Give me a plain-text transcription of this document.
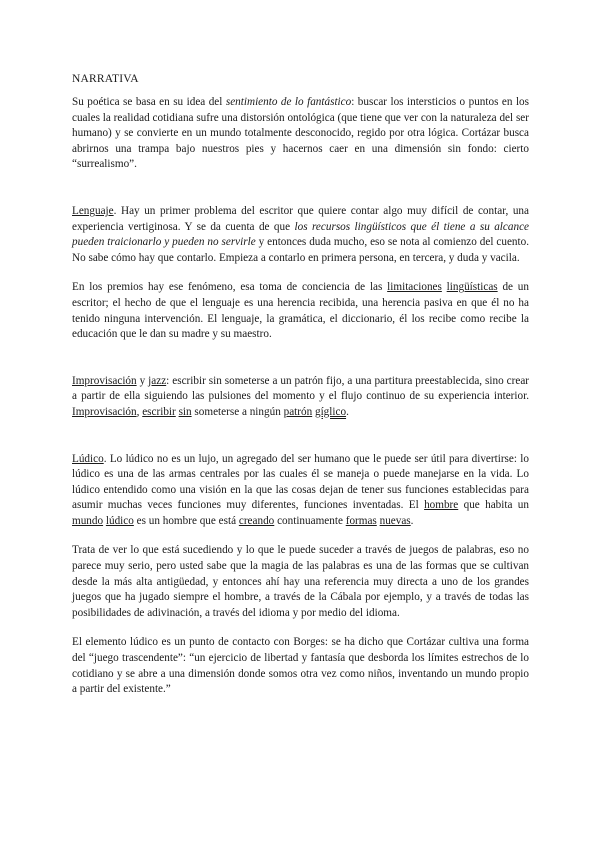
NARRATIVA

Su poética se basa en su idea del sentimiento de lo fantástico: buscar los intersticios o puntos en los cuales la realidad cotidiana sufre una distorsión ontológica (que tiene que ver con la naturaleza del ser humano) y se convierte en un mundo totalmente desconocido, regido por otra lógica. Cortázar busca abrirnos una trampa bajo nuestros pies y hacernos caer en una dimensión sin fondo: cierto “surrealismo”.

Lenguaje. Hay un primer problema del escritor que quiere contar algo muy difícil de contar, una experiencia vertiginosa. Y se da cuenta de que los recursos lingüísticos que él tiene a su alcance pueden traicionarlo y pueden no servirle y entonces duda mucho, eso se nota al comienzo del cuento. No sabe cómo hay que contarlo. Empieza a contarlo en primera persona, en tercera, y duda y vacila.

En los premios hay ese fenómeno, esa toma de conciencia de las limitaciones lingüísticas de un escritor; el hecho de que el lenguaje es una herencia recibida, una herencia pasiva en que él no ha tenido ninguna intervención. El lenguaje, la gramática, el diccionario, él los recibe como recibe la educación que le dan su madre y su maestro.

Improvisación y jazz: escribir sin someterse a un patrón fijo, a una partitura preestablecida, sino crear a partir de ella siguiendo las pulsiones del momento y el flujo continuo de su experiencia interior. Improvisación, escribir sin someterse a ningún patrón gíglico.

Lúdico. Lo lúdico no es un lujo, un agregado del ser humano que le puede ser útil para divertirse: lo lúdico es una de las armas centrales por las cuales él se maneja o puede manejarse en la vida. Lo lúdico entendido como una visión en la que las cosas dejan de tener sus funciones establecidas para asumir muchas veces funciones muy diferentes, funciones inventadas. El hombre que habita un mundo lúdico es un hombre que está creando continuamente formas nuevas.

Trata de ver lo que está sucediendo y lo que le puede suceder a través de juegos de palabras, eso no parece muy serio, pero usted sabe que la magia de las palabras es una de las formas que se cultivan desde la más alta antigüedad, y entonces ahí hay una referencia muy directa a uno de los grandes juegos que ha jugado siempre el hombre, a través de la Cábala por ejemplo, y a través de todas las posibilidades de adivinación, a través del idioma y por medio del idioma.

El elemento lúdico es un punto de contacto con Borges: se ha dicho que Cortázar cultiva una forma del “juego trascendente”: “un ejercicio de libertad y fantasía que desborda los límites estrechos de lo cotidiano y se abre a una dimensión donde somos otra vez como niños, inventando un mundo propio a partir del existente.”
